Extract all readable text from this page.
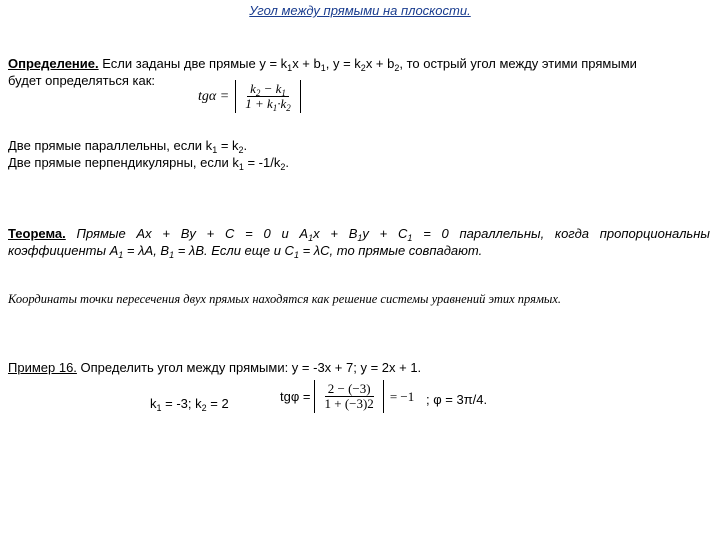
Угол между прямыми на плоскости.
Определение. Если заданы две прямые $y = k_1x + b_1$, $y = k_2x + b_2$, то острый угол между этими прямыми
будет определяться как:
$tg\alpha = \frac{k_2 - k_1}{1 + k_1\cdot k_2}$
Две прямые параллельны, если $k_1 = k_2$.
Две прямые перпендикулярны, если $k_1 = -1/k_2$.
Теорема. Прямые Ax + By + C = 0 и $A_1x + B_1y + C_1 = 0$ параллельны, когда пропорциональны
коэффициенты $A_1 = \lambda A$, $B_1 = \lambda B$. Если еще и $C_1 = \lambda C$, то прямые совпадают.
Координаты точки пересечения двух прямых находятся как решение системы уравнений этих прямых.
Пример 16. Определить угол между прямыми: y = -3x + 7; y = 2x + 1.
$k_1 = -3$; $k_2 = 2$	$tg\varphi = \frac{2 - (-3)}{1 + (-3)2} = -1$ ; φ = 3π/4.
